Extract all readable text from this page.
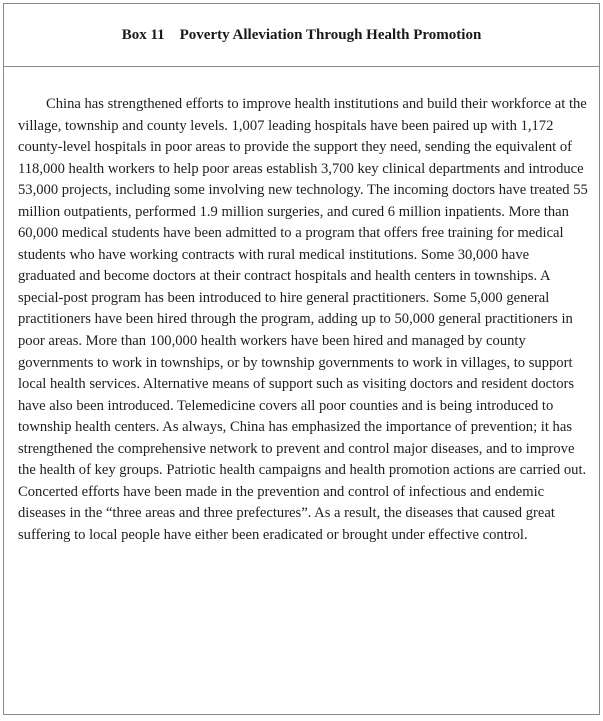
Box 11 Poverty Alleviation Through Health Promotion

China has strengthened efforts to improve health institutions and build their workforce at the village, township and county levels. 1,007 leading hospitals have been paired up with 1,172 county-level hospitals in poor areas to provide the support they need, sending the equivalent of 118,000 health workers to help poor areas establish 3,700 key clinical departments and introduce 53,000 projects, including some involving new technology. The incoming doctors have treated 55 million outpatients, performed 1.9 million surgeries, and cured 6 million inpatients. More than 60,000 medical students have been admitted to a program that offers free training for medical students who have working contracts with rural medical institutions. Some 30,000 have graduated and become doctors at their contract hospitals and health centers in townships. A special-post program has been introduced to hire general practitioners. Some 5,000 general practitioners have been hired through the program, adding up to 50,000 general practitioners in poor areas. More than 100,000 health workers have been hired and managed by county governments to work in townships, or by township governments to work in villages, to support local health services. Alternative means of support such as visiting doctors and resident doctors have also been introduced. Telemedicine covers all poor counties and is being introduced to township health centers. As always, China has emphasized the importance of prevention; it has strengthened the comprehensive network to prevent and control major diseases, and to improve the health of key groups. Patriotic health campaigns and health promotion actions are carried out. Concerted efforts have been made in the prevention and control of infectious and endemic diseases in the “three areas and three prefectures”. As a result, the diseases that caused great suffering to local people have either been eradicated or brought under effective control.
